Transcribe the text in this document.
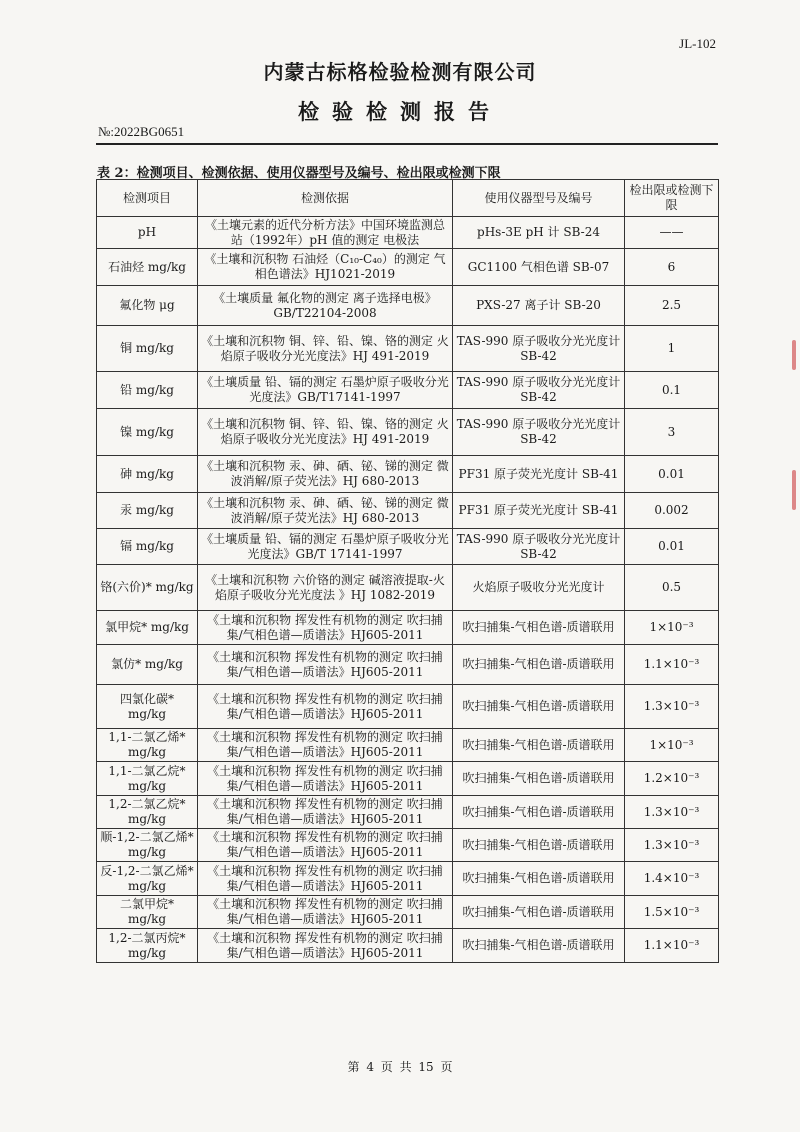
JL-102
内蒙古标格检验检测有限公司
检验检测报告
№:2022BG0651
表 2：检测项目、检测依据、使用仪器型号及编号、检出限或检测下限
检测项目	检测依据	使用仪器型号及编号	检出限或检测下限
pH	《土壤元素的近代分析方法》中国环境监测总站（1992年）pH 值的测定 电极法	pHs-3E pH 计 SB-24	——
石油烃 mg/kg	《土壤和沉积物 石油烃（C₁₀-C₄₀）的测定 气相色谱法》HJ1021-2019	GC1100 气相色谱 SB-07	6
氟化物 μg	《土壤质量 氟化物的测定 离子选择电极》 GB/T22104-2008	PXS-27 离子计 SB-20	2.5
铜 mg/kg	《土壤和沉积物 铜、锌、铅、镍、铬的测定 火焰原子吸收分光光度法》HJ 491-2019	TAS-990 原子吸收分光光度计 SB-42	1
铅 mg/kg	《土壤质量 铅、镉的测定 石墨炉原子吸收分光光度法》GB/T17141-1997	TAS-990 原子吸收分光光度计 SB-42	0.1
镍 mg/kg	《土壤和沉积物 铜、锌、铅、镍、铬的测定 火焰原子吸收分光光度法》HJ 491-2019	TAS-990 原子吸收分光光度计 SB-42	3
砷 mg/kg	《土壤和沉积物 汞、砷、硒、铋、锑的测定 微波消解/原子荧光法》HJ 680-2013	PF31 原子荧光光度计 SB-41	0.01
汞 mg/kg	《土壤和沉积物 汞、砷、硒、铋、锑的测定 微波消解/原子荧光法》HJ 680-2013	PF31 原子荧光光度计 SB-41	0.002
镉 mg/kg	《土壤质量 铅、镉的测定 石墨炉原子吸收分光光度法》GB/T 17141-1997	TAS-990 原子吸收分光光度计 SB-42	0.01
铬(六价)* mg/kg	《土壤和沉积物 六价铬的测定 碱溶液提取-火焰原子吸收分光光度法 》HJ 1082-2019	火焰原子吸收分光光度计	0.5
氯甲烷* mg/kg	《土壤和沉积物 挥发性有机物的测定 吹扫捕集/气相色谱—质谱法》HJ605-2011	吹扫捕集-气相色谱-质谱联用	1×10⁻³
氯仿* mg/kg	《土壤和沉积物 挥发性有机物的测定 吹扫捕集/气相色谱—质谱法》HJ605-2011	吹扫捕集-气相色谱-质谱联用	1.1×10⁻³
四氯化碳* mg/kg	《土壤和沉积物 挥发性有机物的测定 吹扫捕集/气相色谱—质谱法》HJ605-2011	吹扫捕集-气相色谱-质谱联用	1.3×10⁻³
1,1-二氯乙烯* mg/kg	《土壤和沉积物 挥发性有机物的测定 吹扫捕集/气相色谱—质谱法》HJ605-2011	吹扫捕集-气相色谱-质谱联用	1×10⁻³
1,1-二氯乙烷* mg/kg	《土壤和沉积物 挥发性有机物的测定 吹扫捕集/气相色谱—质谱法》HJ605-2011	吹扫捕集-气相色谱-质谱联用	1.2×10⁻³
1,2-二氯乙烷* mg/kg	《土壤和沉积物 挥发性有机物的测定 吹扫捕集/气相色谱—质谱法》HJ605-2011	吹扫捕集-气相色谱-质谱联用	1.3×10⁻³
顺-1,2-二氯乙烯* mg/kg	《土壤和沉积物 挥发性有机物的测定 吹扫捕集/气相色谱—质谱法》HJ605-2011	吹扫捕集-气相色谱-质谱联用	1.3×10⁻³
反-1,2-二氯乙烯* mg/kg	《土壤和沉积物 挥发性有机物的测定 吹扫捕集/气相色谱—质谱法》HJ605-2011	吹扫捕集-气相色谱-质谱联用	1.4×10⁻³
二氯甲烷* mg/kg	《土壤和沉积物 挥发性有机物的测定 吹扫捕集/气相色谱—质谱法》HJ605-2011	吹扫捕集-气相色谱-质谱联用	1.5×10⁻³
1,2-二氯丙烷* mg/kg	《土壤和沉积物 挥发性有机物的测定 吹扫捕集/气相色谱—质谱法》HJ605-2011	吹扫捕集-气相色谱-质谱联用	1.1×10⁻³
第 4 页 共 15 页
